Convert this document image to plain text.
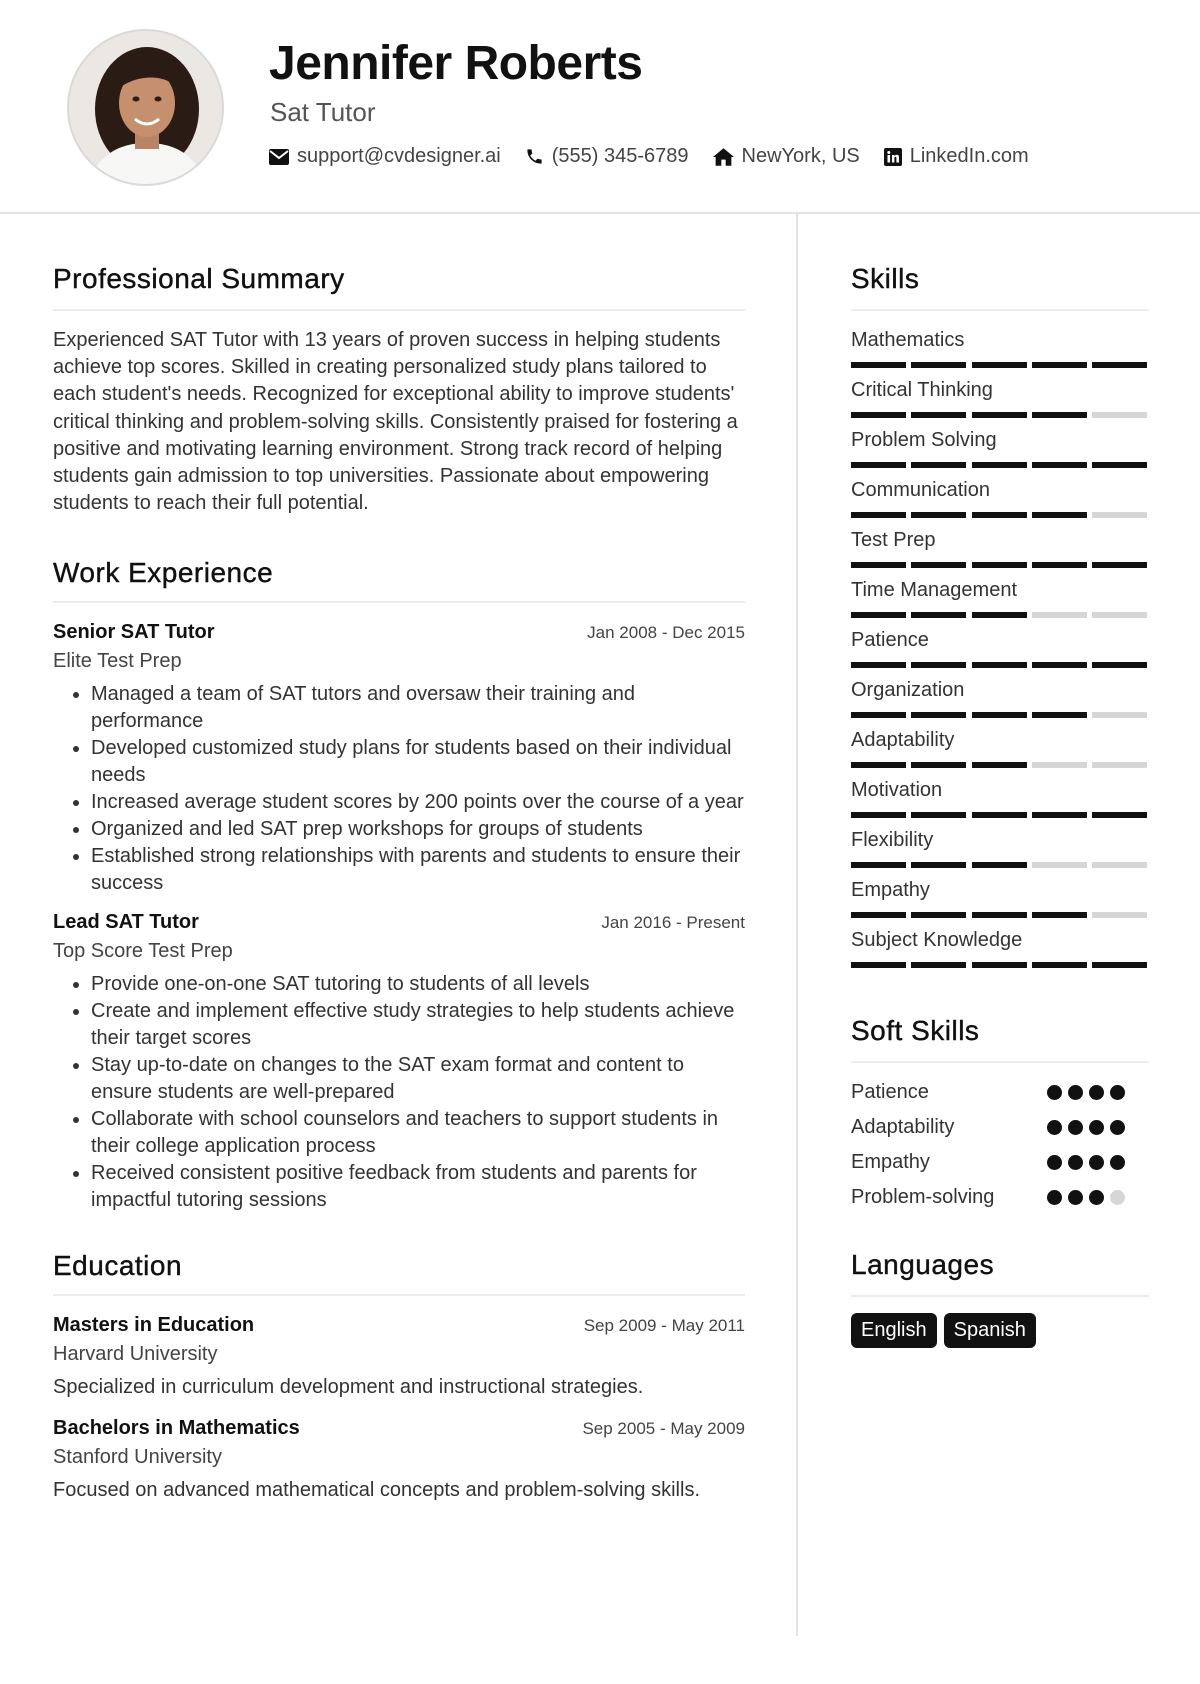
Jennifer Roberts
Sat Tutor
support@cvdesigner.ai	(555) 345-6789	NewYork, US	LinkedIn.com
Professional Summary

Experienced SAT Tutor with 13 years of proven success in helping students achieve top scores. Skilled in creating personalized study plans tailored to each student's needs. Recognized for exceptional ability to improve students' critical thinking and problem-solving skills. Consistently praised for fostering a positive and motivating learning environment. Strong track record of helping students gain admission to top universities. Passionate about empowering students to reach their full potential.

Work Experience
Senior SAT Tutor	Jan 2008 - Dec 2015
Elite Test Prep
• Managed a team of SAT tutors and oversaw their training and performance
• Developed customized study plans for students based on their individual needs
• Increased average student scores by 200 points over the course of a year
• Organized and led SAT prep workshops for groups of students
• Established strong relationships with parents and students to ensure their success
Lead SAT Tutor	Jan 2016 - Present
Top Score Test Prep
• Provide one-on-one SAT tutoring to students of all levels
• Create and implement effective study strategies to help students achieve their target scores
• Stay up-to-date on changes to the SAT exam format and content to ensure students are well-prepared
• Collaborate with school counselors and teachers to support students in their college application process
• Received consistent positive feedback from students and parents for impactful tutoring sessions
Education
Masters in Education	Sep 2009 - May 2011
Harvard University
Specialized in curriculum development and instructional strategies.
Bachelors in Mathematics	Sep 2005 - May 2009
Stanford University
Focused on advanced mathematical concepts and problem-solving skills.
Skills
Mathematics
Critical Thinking
Problem Solving
Communication
Test Prep
Time Management
Patience
Organization
Adaptability
Motivation
Flexibility
Empathy
Subject Knowledge
Soft Skills
Patience
Adaptability
Empathy
Problem-solving
Languages
English	Spanish
